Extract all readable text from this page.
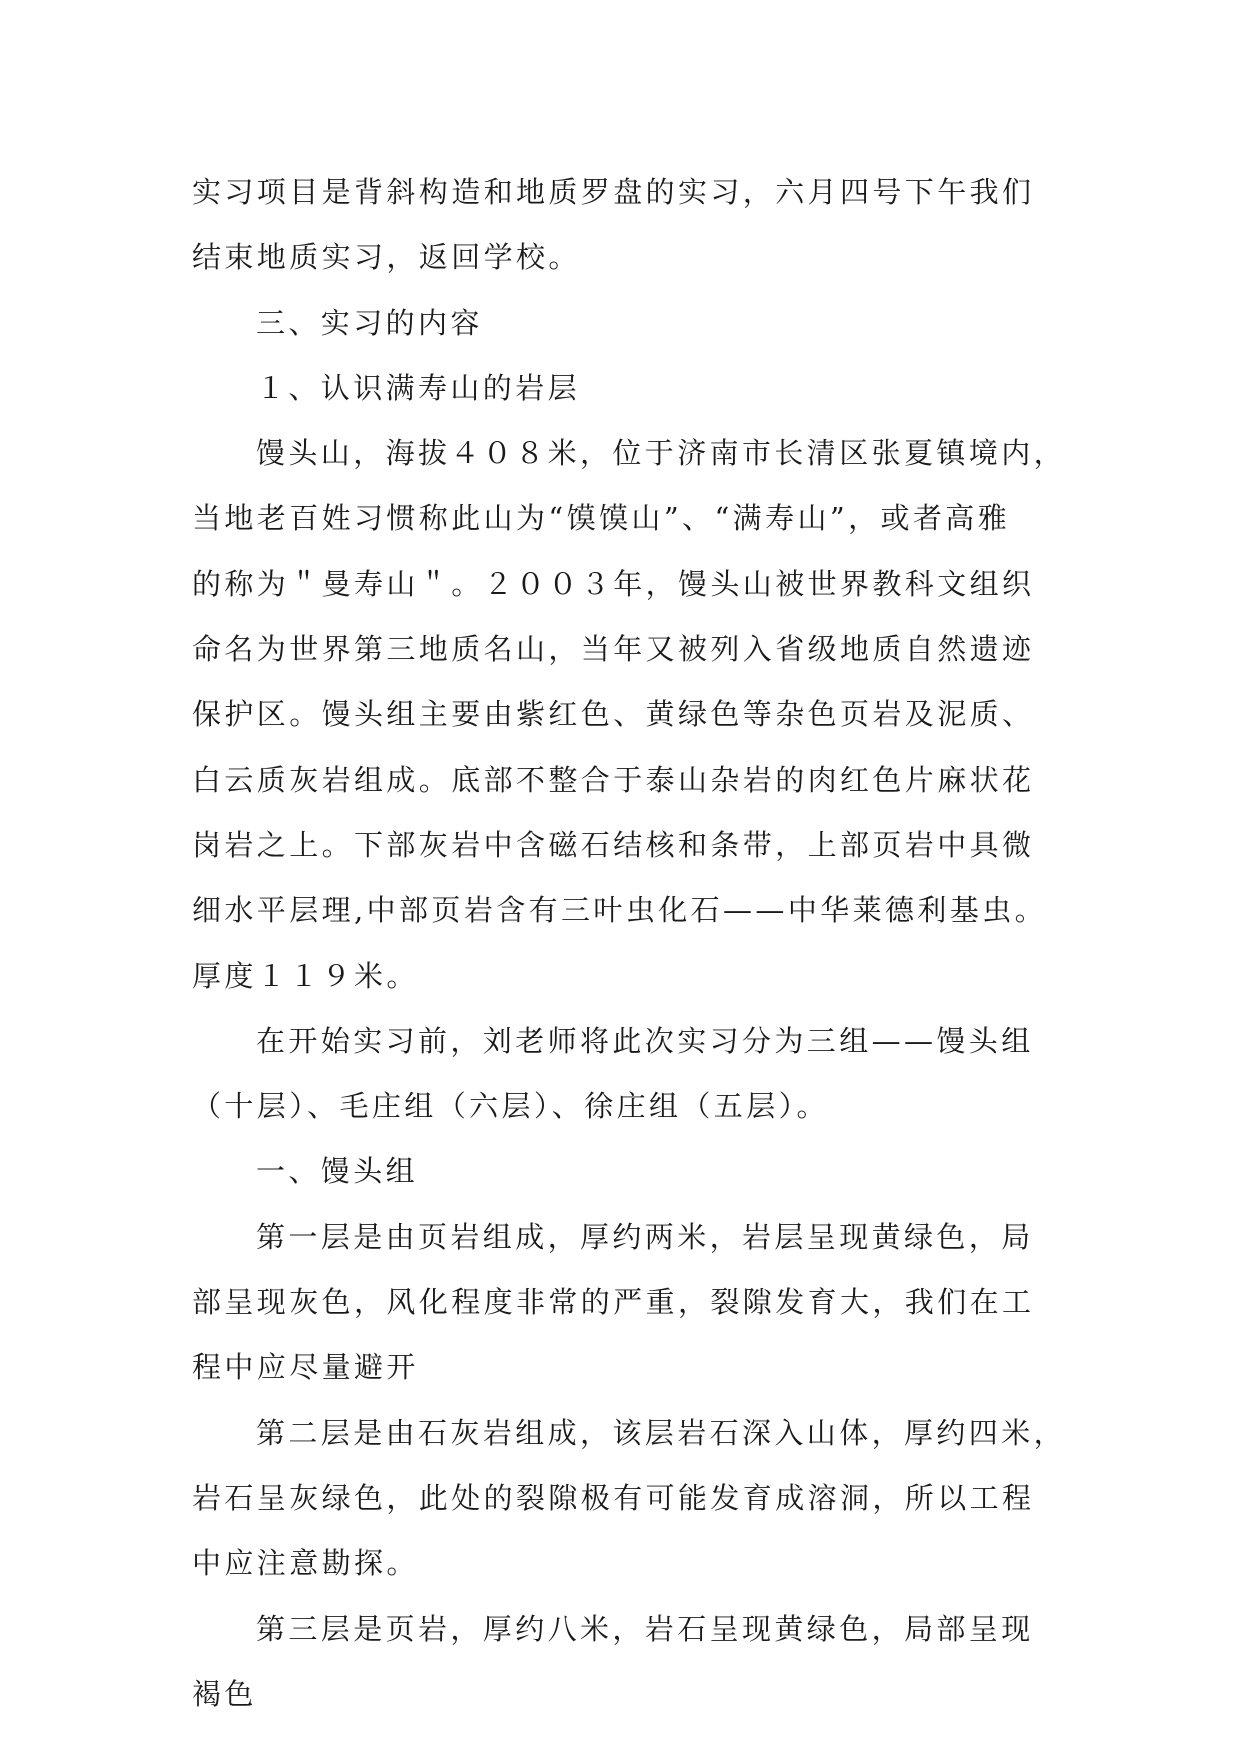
实习项目是背斜构造和地质罗盘的实习，六月四号下午我们
结束地质实习，返回学校。

三、实习的内容

１、认识满寿山的岩层

馒头山，海拔４０８米，位于济南市长清区张夏镇境内，
当地老百姓习惯称此山为“馍馍山”、“满寿山”，或者高雅
的称为＂曼寿山＂。２００３年，馒头山被世界教科文组织
命名为世界第三地质名山，当年又被列入省级地质自然遗迹
保护区。馒头组主要由紫红色、黄绿色等杂色页岩及泥质、
白云质灰岩组成。底部不整合于泰山杂岩的肉红色片麻状花
岗岩之上。下部灰岩中含磁石结核和条带，上部页岩中具微
细水平层理,中部页岩含有三叶虫化石——中华莱德利基虫。
厚度１１９米。

在开始实习前，刘老师将此次实习分为三组——馒头组
（十层）、毛庄组（六层）、徐庄组（五层）。

一、馒头组

第一层是由页岩组成，厚约两米，岩层呈现黄绿色，局
部呈现灰色，风化程度非常的严重，裂隙发育大，我们在工
程中应尽量避开

第二层是由石灰岩组成，该层岩石深入山体，厚约四米，
岩石呈灰绿色，此处的裂隙极有可能发育成溶洞，所以工程
中应注意勘探。

第三层是页岩，厚约八米，岩石呈现黄绿色，局部呈现
褐色
